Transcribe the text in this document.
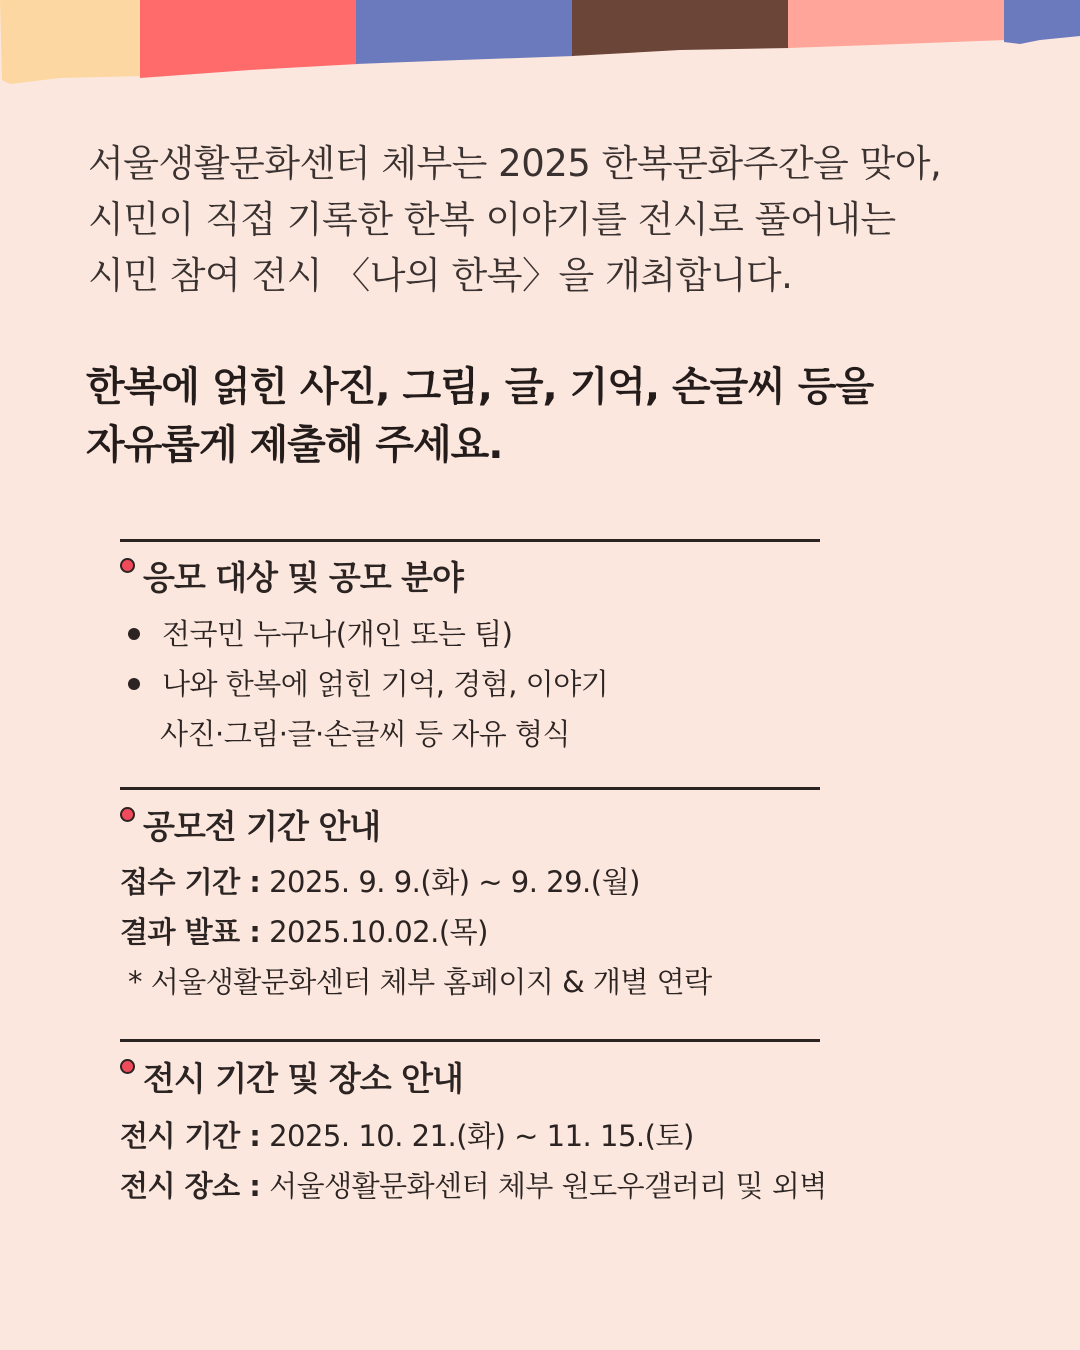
서울생활문화센터 체부는 2025 한복문화주간을 맞아,
시민이 직접 기록한 한복 이야기를 전시로 풀어내는
시민 참여 전시 〈나의 한복〉을 개최합니다.
한복에 얽힌 사진, 그림, 글, 기억, 손글씨 등을
자유롭게 제출해 주세요.
응모 대상 및 공모 분야
전국민 누구나(개인 또는 팀)
나와 한복에 얽힌 기억, 경험, 이야기
사진·그림·글·손글씨 등 자유 형식
공모전 기간 안내
접수 기간 : 2025. 9. 9.(화) ~ 9. 29.(월)
결과 발표 : 2025.10.02.(목)
* 서울생활문화센터 체부 홈페이지 & 개별 연락
전시 기간 및 장소 안내
전시 기간 : 2025. 10. 21.(화) ~ 11. 15.(토)
전시 장소 : 서울생활문화센터 체부 원도우갤러리 및 외벽
